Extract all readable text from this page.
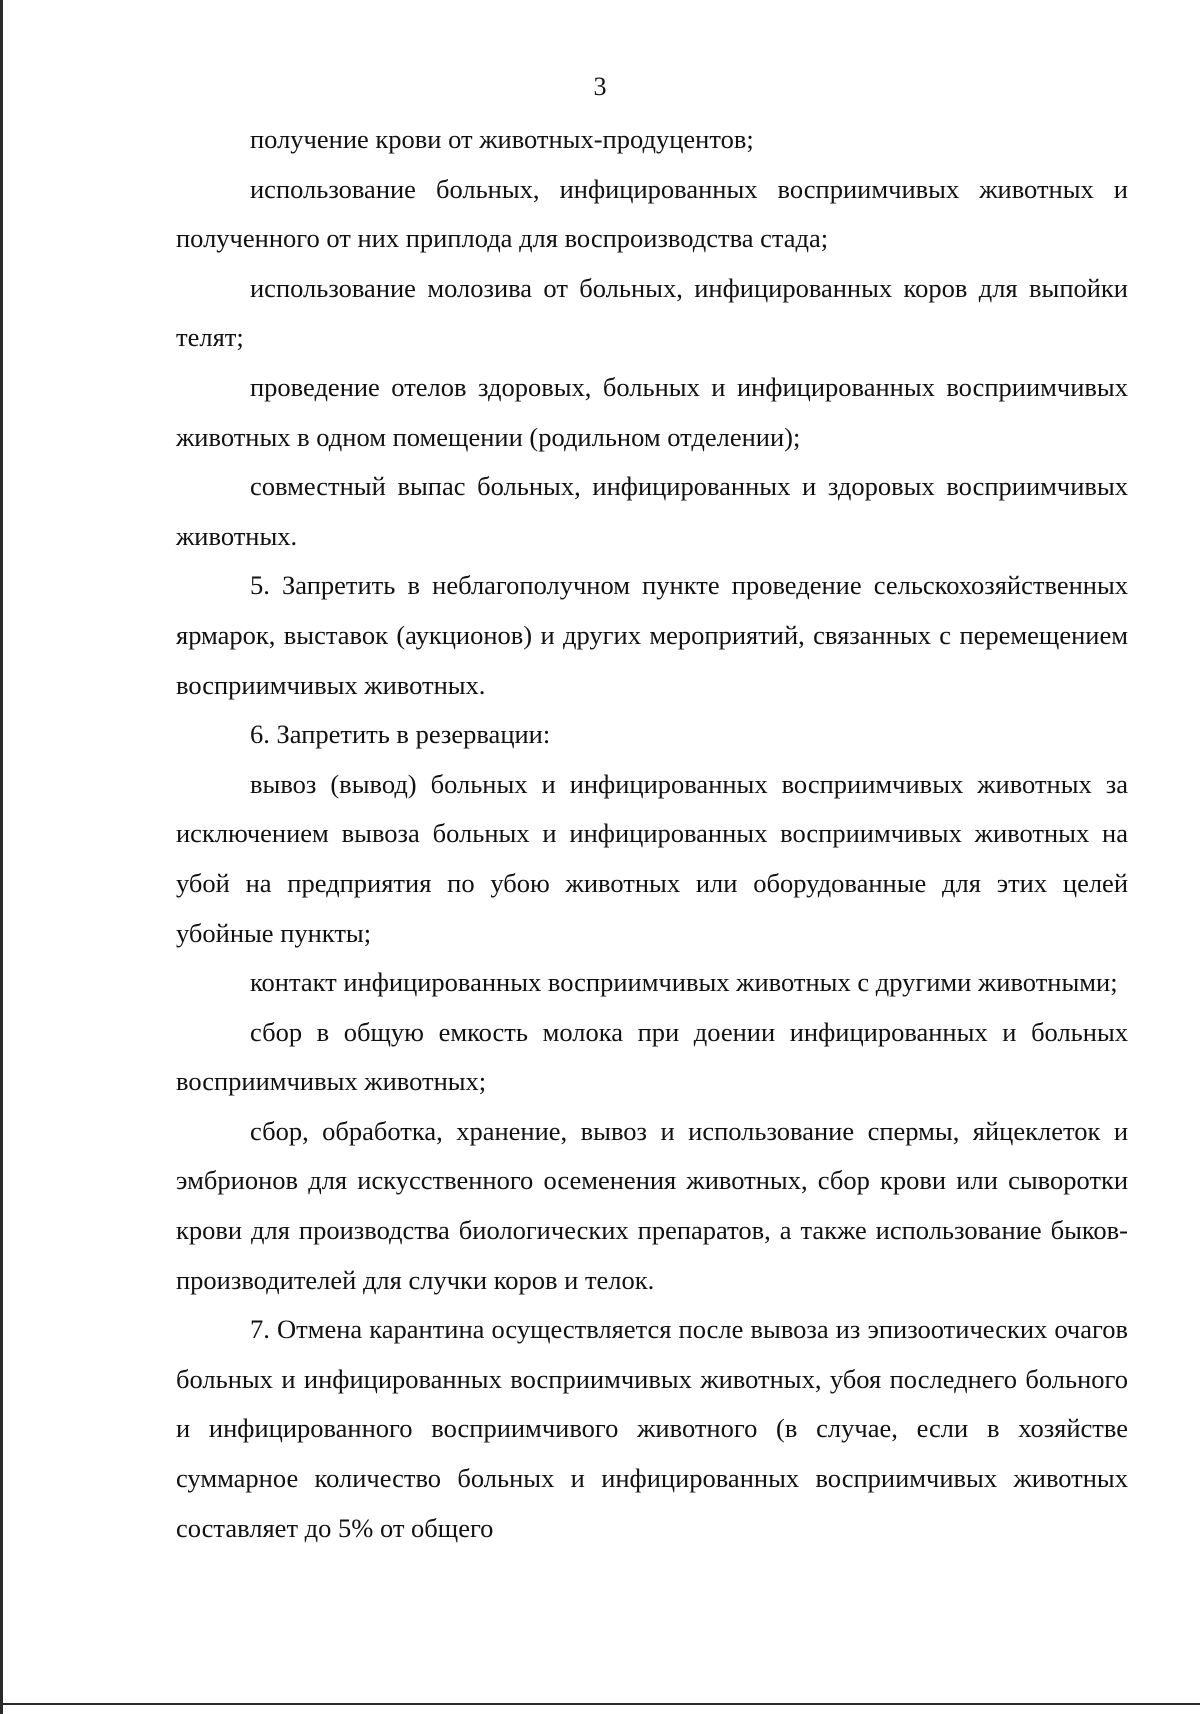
3

получение крови от животных-продуцентов;

использование больных, инфицированных восприимчивых животных и полученного от них приплода для воспроизводства стада;

использование молозива от больных, инфицированных коров для выпойки телят;

проведение отелов здоровых, больных и инфицированных восприимчивых животных в одном помещении (родильном отделении);

совместный выпас больных, инфицированных и здоровых восприимчивых животных.

5. Запретить в неблагополучном пункте проведение сельскохозяйственных ярмарок, выставок (аукционов) и других мероприятий, связанных с перемещением восприимчивых животных.

6. Запретить в резервации:

вывоз (вывод) больных и инфицированных восприимчивых животных за исключением вывоза больных и инфицированных восприимчивых животных на убой на предприятия по убою животных или оборудованные для этих целей убойные пункты;

контакт инфицированных восприимчивых животных с другими животными;

сбор в общую емкость молока при доении инфицированных и больных восприимчивых животных;

сбор, обработка, хранение, вывоз и использование спермы, яйцеклеток и эмбрионов для искусственного осеменения животных, сбор крови или сыворотки крови для производства биологических препаратов, а также использование быков-производителей для случки коров и телок.

7. Отмена карантина осуществляется после вывоза из эпизоотических очагов больных и инфицированных восприимчивых животных, убоя последнего больного и инфицированного восприимчивого животного (в случае, если в хозяйстве суммарное количество больных и инфицированных восприимчивых животных составляет до 5% от общего
